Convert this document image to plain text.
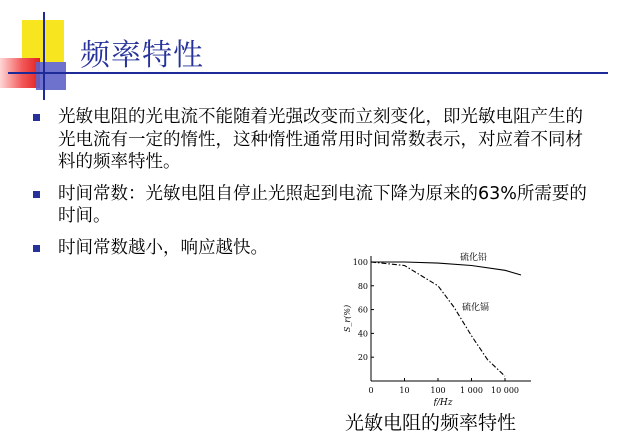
频率特性
光敏电阻的光电流不能随着光强改变而立刻变化，即光敏电阻产生的光电流有一定的惰性，这种惰性通常用时间常数表示，对应着不同材料的频率特性。
时间常数：光敏电阻自停止光照起到电流下降为原来的63%所需要的时间。
时间常数越小，响应越快。
0	10	100 1 000 10 000
20
40
60
80
100
f/Hz
S_r(%)
硫化铅
硫化镉
光敏电阻的频率特性
